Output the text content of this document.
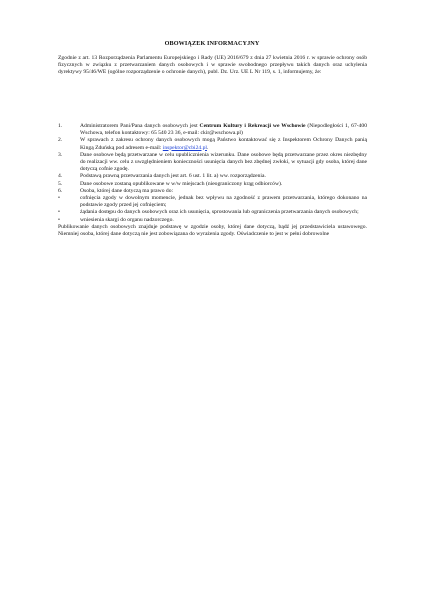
OBOWIĄZEK INFORMACYJNY
Zgodnie z art. 13 Rozporządzenia Parlamentu Europejskiego i Rady (UE) 2016/679 z dnia 27 kwietnia 2016 r. w sprawie ochrony osób fizycznych w związku z przetwarzaniem danych osobowych i w sprawie swobodnego przepływu takich danych oraz uchylenia dyrektywy 95/46/WE (ogólne rozporządzenie o ochronie danych), publ. Dz. Urz. UE L Nr 119, s. 1, informujemy, że:
1.	Administratorem Pani/Pana danych osobowych jest Centrum Kultury i Rekreacji we Wschowie (Niepodległości 1, 67-400 Wschowa, telefon kontaktowy: 65 540 23 36, e-mail: ckir@wschowa.pl)
2.	W sprawach z zakresu ochrony danych osobowych mogą Państwo kontaktować się z Inspektorem Ochrony Danych panią Kingą Zduńską pod adresem e-mail: inspektor@cbi24.pl.
3.	Dane osobowe będą przetwarzane w celu upublicznienia wizerunku. Dane osobowe będą przetwarzane przez okres niezbędny do realizacji ww. celu z uwzględnieniem konieczności usunięcia danych bez zbędnej zwłoki, w sytuacji gdy osoba, której dane dotyczą cofnie zgodę.
4.	Podstawą prawną przetwarzania danych jest art. 6 ust. 1 lit. a) ww. rozporządzenia.
5.	Dane osobowe zostaną opublikowane w w/w miejscach (nieograniczony krąg odbiorców).
6.	Osoba, której dane dotyczą ma prawo do:
•	cofnięcia zgody w dowolnym momencie, jednak bez wpływu na zgodność z prawem przetwarzania, którego dokonano na podstawie zgody przed jej cofnięciem;
•	żądania dostępu do danych osobowych oraz ich usunięcia, sprostowania lub ograniczenia przetwarzania danych osobowych;
•	wniesienia skargi do organu nadzorczego.
Publikowanie danych osobowych znajduje podstawę w zgodzie osoby, której dane dotyczą, bądź jej przedstawiciela ustawowego. Niemniej osoba, której dane dotyczą nie jest zobowiązana do wyrażenia zgody. Oświadczenie to jest w pełni dobrowolne
